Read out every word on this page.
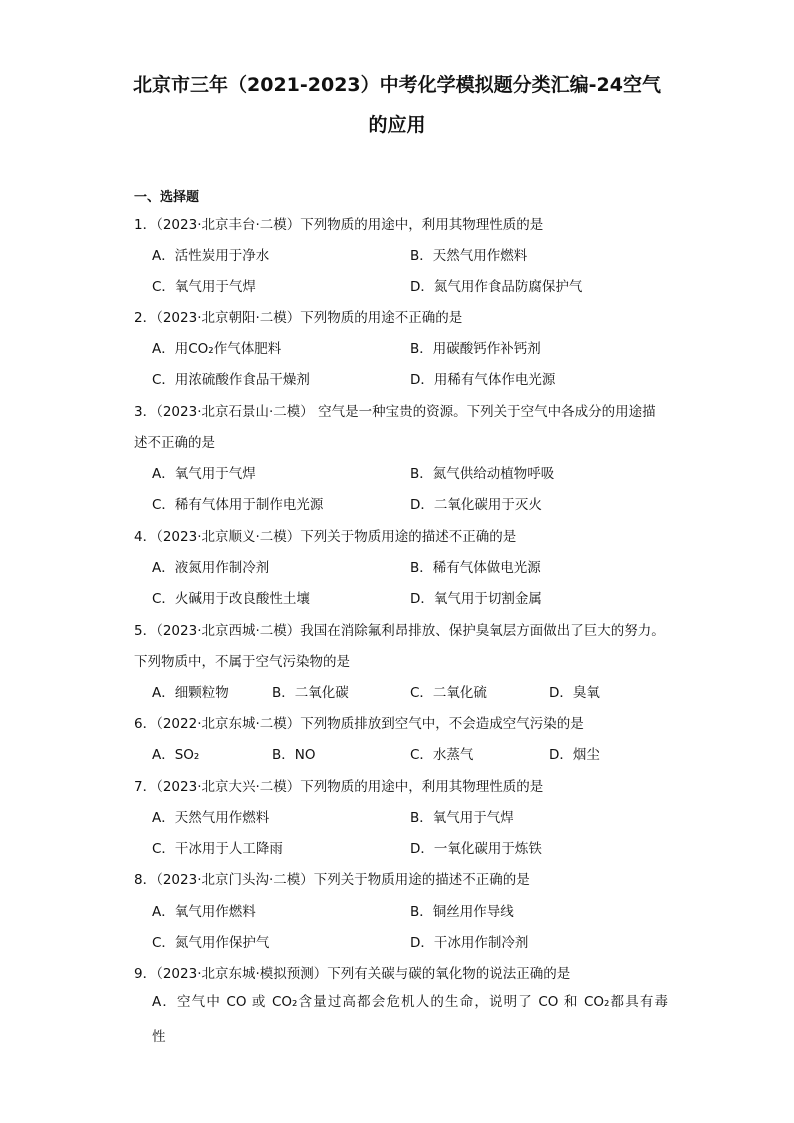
北京市三年（2021-2023）中考化学模拟题分类汇编-24空气
的应用
一、选择题
1．（2023·北京丰台·二模）下列物质的用途中，利用其物理性质的是
A．活性炭用于净水	B．天然气用作燃料
C．氧气用于气焊	D．氮气用作食品防腐保护气
2．（2023·北京朝阳·二模）下列物质的用途不正确的是
A．用CO₂作气体肥料	B．用碳酸钙作补钙剂
C．用浓硫酸作食品干燥剂	D．用稀有气体作电光源
3．（2023·北京石景山·二模） 空气是一种宝贵的资源。下列关于空气中各成分的用途描
述不正确的是
A．氧气用于气焊	B．氮气供给动植物呼吸
C．稀有气体用于制作电光源	D．二氧化碳用于灭火
4．（2023·北京顺义·二模）下列关于物质用途的描述不正确的是
A．液氮用作制冷剂	B．稀有气体做电光源
C．火碱用于改良酸性土壤	D．氧气用于切割金属
5．（2023·北京西城·二模）我国在消除氟利昂排放、保护臭氧层方面做出了巨大的努力。
下列物质中，不属于空气污染物的是
A．细颗粒物	B．二氧化碳	C．二氧化硫	D．臭氧
6．（2022·北京东城·二模）下列物质排放到空气中，不会造成空气污染的是
A．SO₂	B．NO	C．水蒸气	D．烟尘
7．（2023·北京大兴·二模）下列物质的用途中，利用其物理性质的是
A．天然气用作燃料	B．氧气用于气焊
C．干冰用于人工降雨	D．一氧化碳用于炼铁
8．（2023·北京门头沟·二模）下列关于物质用途的描述不正确的是
A．氧气用作燃料	B．铜丝用作导线
C．氮气用作保护气	D．干冰用作制冷剂
9．（2023·北京东城·模拟预测）下列有关碳与碳的氧化物的说法正确的是
A．空气中 CO 或 CO₂含量过高都会危机人的生命，说明了 CO 和 CO₂都具有毒
性
